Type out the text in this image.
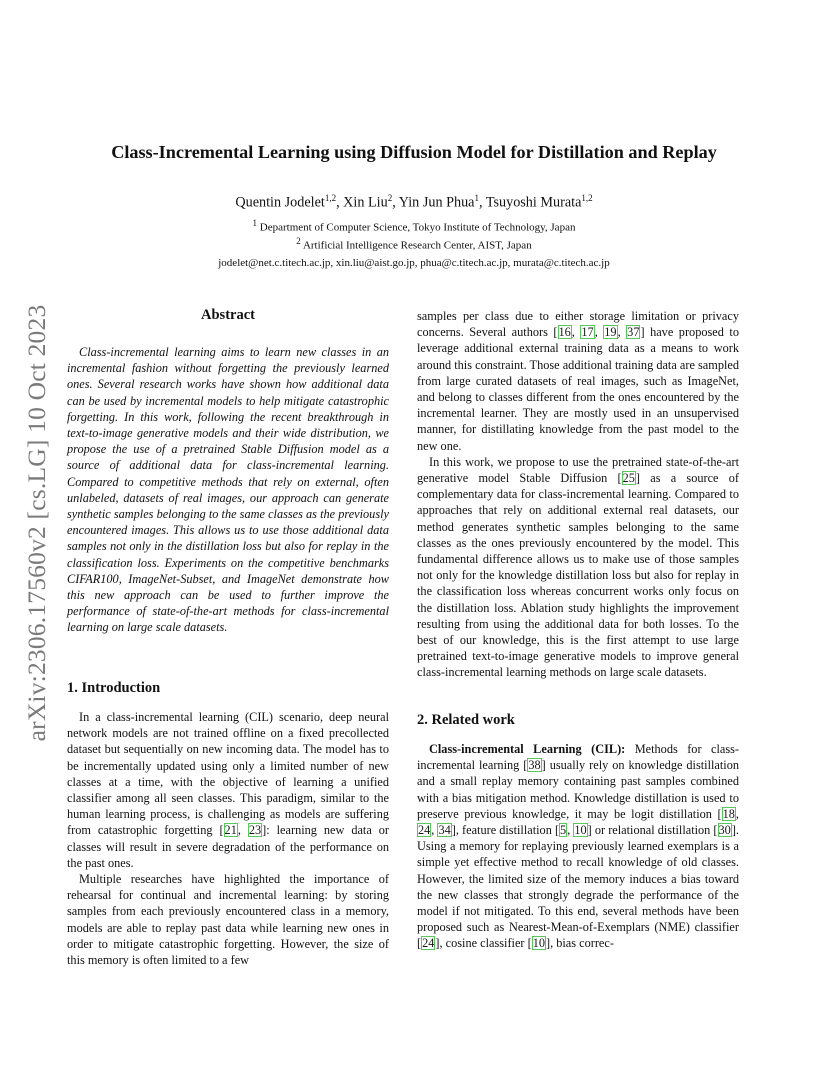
arXiv:2306.17560v2 [cs.LG] 10 Oct 2023
Class-Incremental Learning using Diffusion Model for Distillation and Replay
Quentin Jodelet$^{1,2}$, Xin Liu$^2$, Yin Jun Phua$^1$, Tsuyoshi Murata$^{1,2}$
$^1$ Department of Computer Science, Tokyo Institute of Technology, Japan
$^2$ Artificial Intelligence Research Center, AIST, Japan
jodelet@net.c.titech.ac.jp, xin.liu@aist.go.jp, phua@c.titech.ac.jp, murata@c.titech.ac.jp
Abstract

Class-incremental learning aims to learn new classes in an incremental fashion without forgetting the previously learned ones. Several research works have shown how additional data can be used by incremental models to help mitigate catastrophic forgetting. In this work, following the recent breakthrough in text-to-image generative models and their wide distribution, we propose the use of a pretrained Stable Diffusion model as a source of additional data for class-incremental learning. Compared to competitive methods that rely on external, often unlabeled, datasets of real images, our approach can generate synthetic samples belonging to the same classes as the previously encountered images. This allows us to use those additional data samples not only in the distillation loss but also for replay in the classification loss. Experiments on the competitive benchmarks CIFAR100, ImageNet-Subset, and ImageNet demonstrate how this new approach can be used to further improve the performance of state-of-the-art methods for class-incremental learning on large scale datasets.

1. Introduction

In a class-incremental learning (CIL) scenario, deep neural network models are not trained offline on a fixed precollected dataset but sequentially on new incoming data. The model has to be incrementally updated using only a limited number of new classes at a time, with the objective of learning a unified classifier among all seen classes. This paradigm, similar to the human learning process, is challenging as models are suffering from catastrophic forgetting [21, 23]: learning new data or classes will result in severe degradation of the performance on the past ones.

Multiple researches have highlighted the importance of rehearsal for continual and incremental learning: by storing samples from each previously encountered class in a memory, models are able to replay past data while learning new ones in order to mitigate catastrophic forgetting. However, the size of this memory is often limited to a few

samples per class due to either storage limitation or privacy concerns. Several authors [16, 17, 19, 37] have proposed to leverage additional external training data as a means to work around this constraint. Those additional training data are sampled from large curated datasets of real images, such as ImageNet, and belong to classes different from the ones encountered by the incremental learner. They are mostly used in an unsupervised manner, for distillating knowledge from the past model to the new one.

In this work, we propose to use the pretrained state-of-the-art generative model Stable Diffusion [25] as a source of complementary data for class-incremental learning. Compared to approaches that rely on additional external real datasets, our method generates synthetic samples belonging to the same classes as the ones previously encountered by the model. This fundamental difference allows us to make use of those samples not only for the knowledge distillation loss but also for replay in the classification loss whereas concurrent works only focus on the distillation loss. Ablation study highlights the improvement resulting from using the additional data for both losses. To the best of our knowledge, this is the first attempt to use large pretrained text-to-image generative models to improve general class-incremental learning methods on large scale datasets.

2. Related work

Class-incremental Learning (CIL): Methods for class-incremental learning [38] usually rely on knowledge distillation and a small replay memory containing past samples combined with a bias mitigation method. Knowledge distillation is used to preserve previous knowledge, it may be logit distillation [18, 24, 34], feature distillation [5, 10] or relational distillation [30]. Using a memory for replaying previously learned exemplars is a simple yet effective method to recall knowledge of old classes. However, the limited size of the memory induces a bias toward the new classes that strongly degrade the performance of the model if not mitigated. To this end, several methods have been proposed such as Nearest-Mean-of-Exemplars (NME) classifier [24], cosine classifier [10], bias correc-
